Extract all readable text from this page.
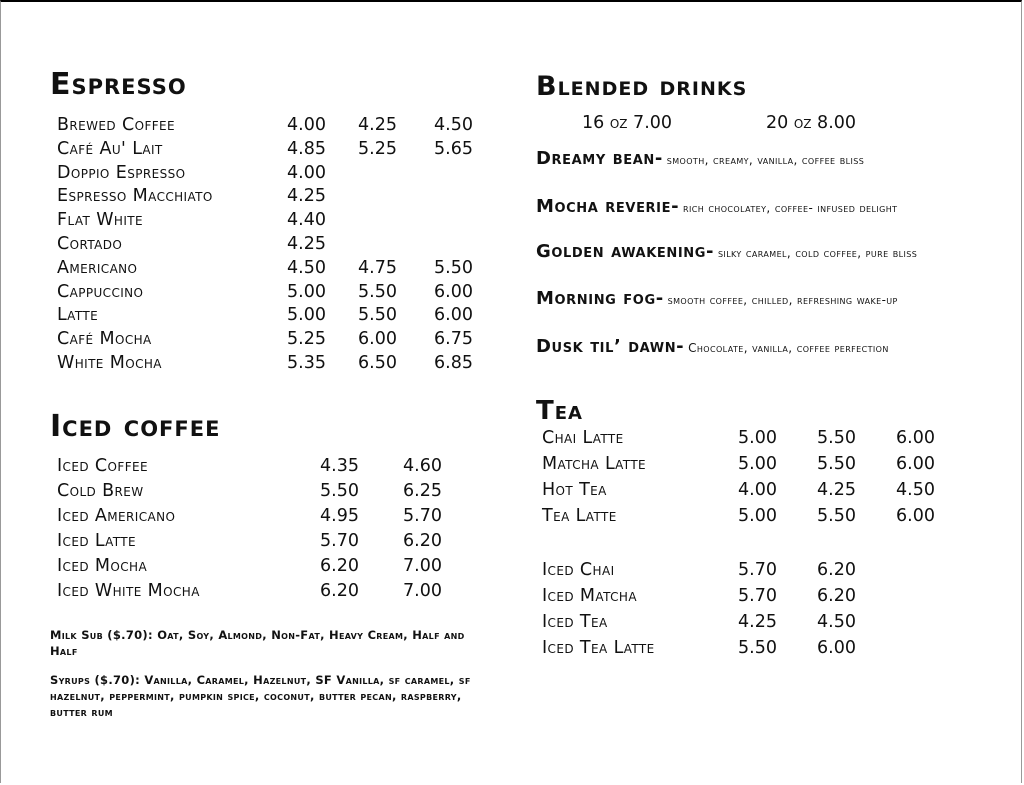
Espresso
Brewed Coffee	4.00 4.25 4.50
Café Au' Lait	4.85 5.25 5.65
Doppio Espresso	4.00
Espresso Macchiato	4.25
Flat White	4.40
Cortado	4.25
Americano	4.50 4.75 5.50
Cappuccino	5.00 5.50 6.00
Latte	5.00 5.50 6.00
Café Mocha	5.25 6.00 6.75
White Mocha	5.35 6.50 6.85
Iced coffee
Iced Coffee	4.35	4.60
Cold Brew	5.50	6.25
Iced Americano	4.95	5.70
Iced Latte	5.70	6.20
Iced Mocha	6.20	7.00
Iced White Mocha	6.20	7.00
Milk Sub ($.70): Oat, Soy, Almond, Non-Fat, Heavy Cream, Half and Half
Syrups ($.70): Vanilla, Caramel, Hazelnut, SF Vanilla, sf caramel, sf hazelnut, peppermint, pumpkin spice, coconut, butter pecan, raspberry, butter rum
Blended drinks
16 oz 7.00	20 oz 8.00
Dreamy bean- smooth, creamy, vanilla, coffee bliss
Mocha reverie- rich chocolatey, coffee- infused delight
Golden awakening- silky caramel, cold coffee, pure bliss
Morning fog- smooth coffee, chilled, refreshing wake-up
Dusk til’ dawn- Chocolate, vanilla, coffee perfection
Tea
Chai Latte	5.00 5.50 6.00
Matcha Latte	5.00 5.50 6.00
Hot Tea	4.00 4.25 4.50
Tea Latte	5.00 5.50 6.00
Iced Chai	5.70 6.20
Iced Matcha	5.70 6.20
Iced Tea	4.25 4.50
Iced Tea Latte	5.50 6.00
